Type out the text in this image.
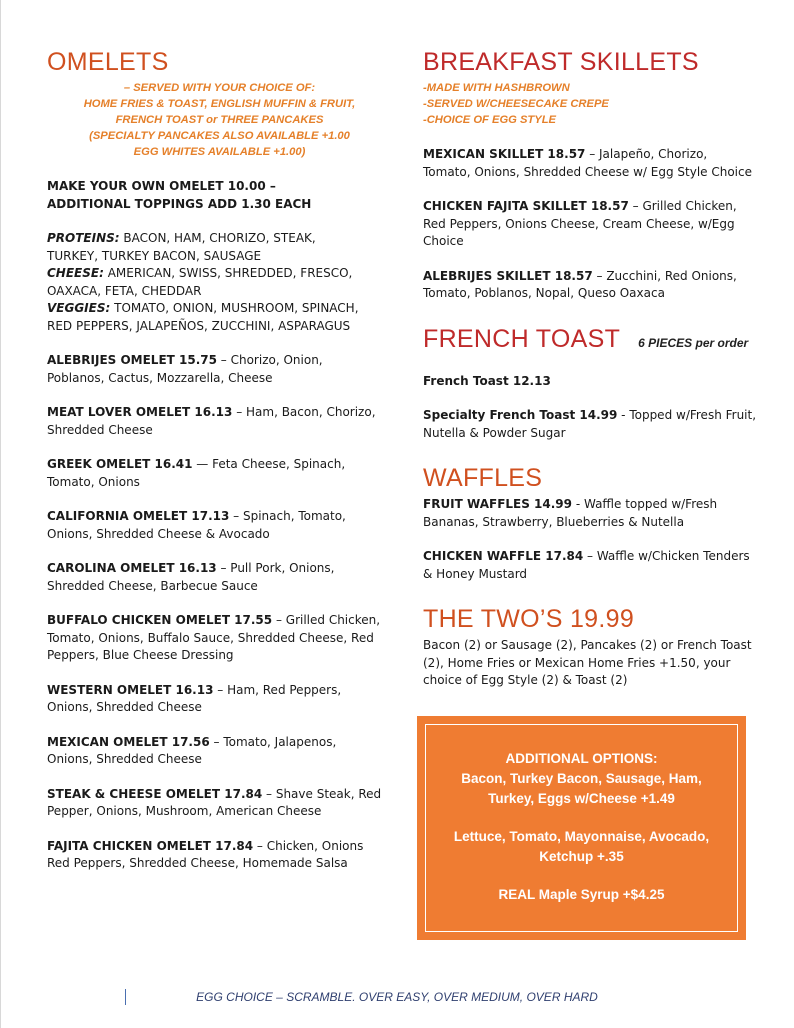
OMELETS
– SERVED WITH YOUR CHOICE OF:
HOME FRIES & TOAST, ENGLISH MUFFIN & FRUIT,
FRENCH TOAST or THREE PANCAKES
(SPECIALTY PANCAKES ALSO AVAILABLE +1.00
EGG WHITES AVAILABLE +1.00)
MAKE YOUR OWN OMELET 10.00 –
ADDITIONAL TOPPINGS ADD 1.30 EACH
PROTEINS: BACON, HAM, CHORIZO, STEAK,
TURKEY, TURKEY BACON, SAUSAGE
CHEESE: AMERICAN, SWISS, SHREDDED, FRESCO,
OAXACA, FETA, CHEDDAR
VEGGIES: TOMATO, ONION, MUSHROOM, SPINACH,
RED PEPPERS, JALAPEÑOS, ZUCCHINI, ASPARAGUS
ALEBRIJES OMELET 15.75 – Chorizo, Onion,
Poblanos, Cactus, Mozzarella, Cheese
MEAT LOVER OMELET 16.13 – Ham, Bacon, Chorizo,
Shredded Cheese
GREEK OMELET 16.41 — Feta Cheese, Spinach,
Tomato, Onions
CALIFORNIA OMELET 17.13 – Spinach, Tomato,
Onions, Shredded Cheese & Avocado
CAROLINA OMELET 16.13 – Pull Pork, Onions,
Shredded Cheese, Barbecue Sauce
BUFFALO CHICKEN OMELET 17.55 – Grilled Chicken,
Tomato, Onions, Buffalo Sauce, Shredded Cheese, Red
Peppers, Blue Cheese Dressing
WESTERN OMELET 16.13 – Ham, Red Peppers,
Onions, Shredded Cheese
MEXICAN OMELET 17.56 – Tomato, Jalapenos,
Onions, Shredded Cheese
STEAK & CHEESE OMELET 17.84 – Shave Steak, Red
Pepper, Onions, Mushroom, American Cheese
FAJITA CHICKEN OMELET 17.84 – Chicken, Onions
Red Peppers, Shredded Cheese, Homemade Salsa
BREAKFAST SKILLETS
-MADE WITH HASHBROWN
-SERVED W/CHEESECAKE CREPE
-CHOICE OF EGG STYLE
MEXICAN SKILLET 18.57 – Jalapeño, Chorizo,
Tomato, Onions, Shredded Cheese w/ Egg Style Choice
CHICKEN FAJITA SKILLET 18.57 – Grilled Chicken,
Red Peppers, Onions Cheese, Cream Cheese, w/Egg
Choice
ALEBRIJES SKILLET 18.57 – Zucchini, Red Onions,
Tomato, Poblanos, Nopal, Queso Oaxaca
FRENCH TOAST 6 PIECES per order
French Toast 12.13
Specialty French Toast 14.99 - Topped w/Fresh Fruit,
Nutella & Powder Sugar
WAFFLES
FRUIT WAFFLES 14.99 - Waffle topped w/Fresh
Bananas, Strawberry, Blueberries & Nutella
CHICKEN WAFFLE 17.84 – Waffle w/Chicken Tenders
& Honey Mustard
THE TWO’S 19.99
Bacon (2) or Sausage (2), Pancakes (2) or French Toast
(2), Home Fries or Mexican Home Fries +1.50, your
choice of Egg Style (2) & Toast (2)
ADDITIONAL OPTIONS:
Bacon, Turkey Bacon, Sausage, Ham,
Turkey, Eggs w/Cheese +1.49
Lettuce, Tomato, Mayonnaise, Avocado,
Ketchup +.35
REAL Maple Syrup +$4.25
EGG CHOICE – SCRAMBLE. OVER EASY, OVER MEDIUM, OVER HARD
